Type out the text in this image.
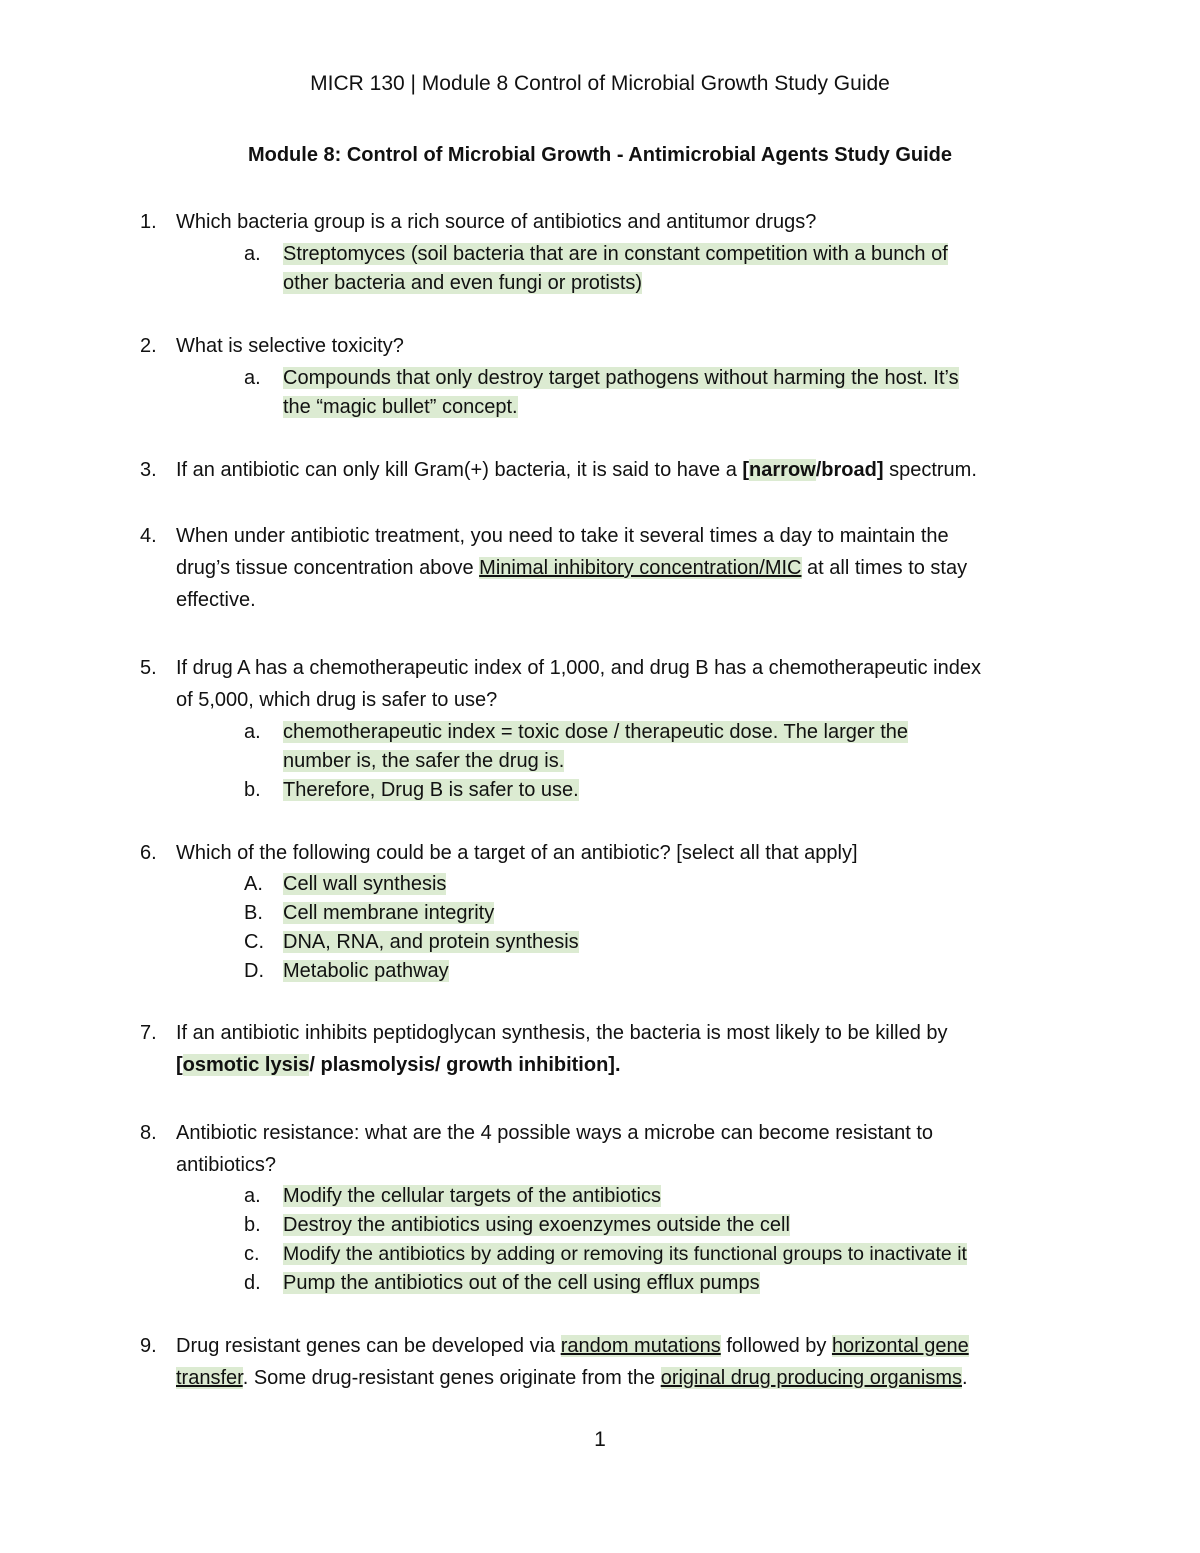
MICR 130 | Module 8 Control of Microbial Growth Study Guide
Module 8: Control of Microbial Growth - Antimicrobial Agents Study Guide
1. Which bacteria group is a rich source of antibiotics and antitumor drugs?
a.	Streptomyces (soil bacteria that are in constant competition with a bunch of
other bacteria and even fungi or protists)
2. What is selective toxicity?
a.	Compounds that only destroy target pathogens without harming the host. It’s
the “magic bullet” concept.
3. If an antibiotic can only kill Gram(+) bacteria, it is said to have a [narrow/broad] spectrum.
4. When under antibiotic treatment, you need to take it several times a day to maintain the
drug’s tissue concentration above Minimal inhibitory concentration/MIC at all times to stay
effective.
5. If drug A has a chemotherapeutic index of 1,000, and drug B has a chemotherapeutic index
of 5,000, which drug is safer to use?
a.	chemotherapeutic index = toxic dose / therapeutic dose. The larger the
number is, the safer the drug is.
b.	Therefore, Drug B is safer to use.
6. Which of the following could be a target of an antibiotic? [select all that apply]
A.	Cell wall synthesis
B.	Cell membrane integrity
C. DNA, RNA, and protein synthesis
D. Metabolic pathway
7. If an antibiotic inhibits peptidoglycan synthesis, the bacteria is most likely to be killed by
[osmotic lysis/ plasmolysis/ growth inhibition].
8. Antibiotic resistance: what are the 4 possible ways a microbe can become resistant to
antibiotics?
a.	Modify the cellular targets of the antibiotics
b.	Destroy the antibiotics using exoenzymes outside the cell
c.	Modify the antibiotics by adding or removing its functional groups to inactivate it
d.	Pump the antibiotics out of the cell using efflux pumps
9. Drug resistant genes can be developed via random mutations followed by horizontal gene
transfer. Some drug-resistant genes originate from the original drug producing organisms.
1
